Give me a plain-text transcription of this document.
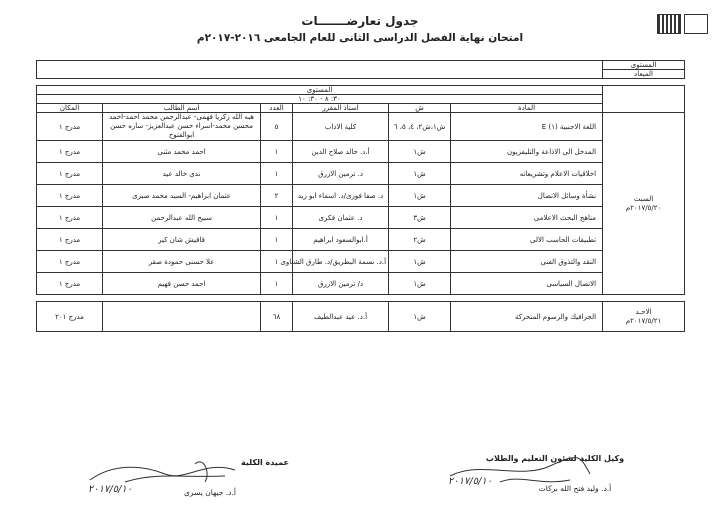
جدول تعارضـــــــات
امتحان نهاية الفصل الدراسى الثانى للعام الجامعى ٢٠١٦-٢٠١٧م
المستوى						
الميعاد						

	المستوى					
	٣٠: ٨ - ٣٠: ١٠					
	المادة	ش	استاذ المقرر	العدد	اسم الطالب	المكان

السبت
٢٠١٧/٥/٢٠م	اللغة الاجنبية (١) E	ش١،ش٢، ٤، ٥، ٦	كلية الاداب	٥	هبه الله زكريا فهمى- عبدالرحمن محمد احمد-احمد محسن محمد-اسراء حسن عبدالعزيز- ساره حسن ابوالفتوح	مدرج ١
	المدخل الى الاذاعة والتليفزيون	ش١	أ.د. خالد صلاح الدين	١	احمد محمد مثنى	مدرج ١
	اخلاقيات الاعلام وتشريعاته	ش١	د. ترمين الازرق	١	ندى خالد عيد	مدرج ١
	نشأة وسائل الاتصال	ش١	د. صفا فوزى/د. اسماء ابو زيد	٢	عثمان ابراهيم- السيد محمد صبرى	مدرج ١
	مناهج البحث الاعلامى	ش٣	د. عثمان فكرى	١	سبيح الله عبدالرحمن	مدرج ١
	تطبيقات الحاسب الالى	ش٢	أ.ابوالسعود ابراهيم	١	قاقيش شان كير	مدرج ١
	النقد والتذوق الفنى	ش١	أ.د. نسمة البطريق/د. طارق الشناوى	١	علا حسنى حمودة صقر	مدرج ١
	الاتصال السياسى	ش١	د/ ترمين الازرق	١	احمد حسن فهيم	مدرج ١

الاحـد
٢٠١٧/٥/٢١م	الجرافيك والرسوم المتحركة	ش١	أ.د. عيد عبدالطيف	٦٨		مدرج ٢٠١
عميدة الكلية
أ.د. جيهان يسرى
٢٠١٧/٥/١٠
وكيل الكلية لشئون التعليم والطلاب
أ.د. وليد فتح الله بركات
٢٠١٧/٥/١٠
